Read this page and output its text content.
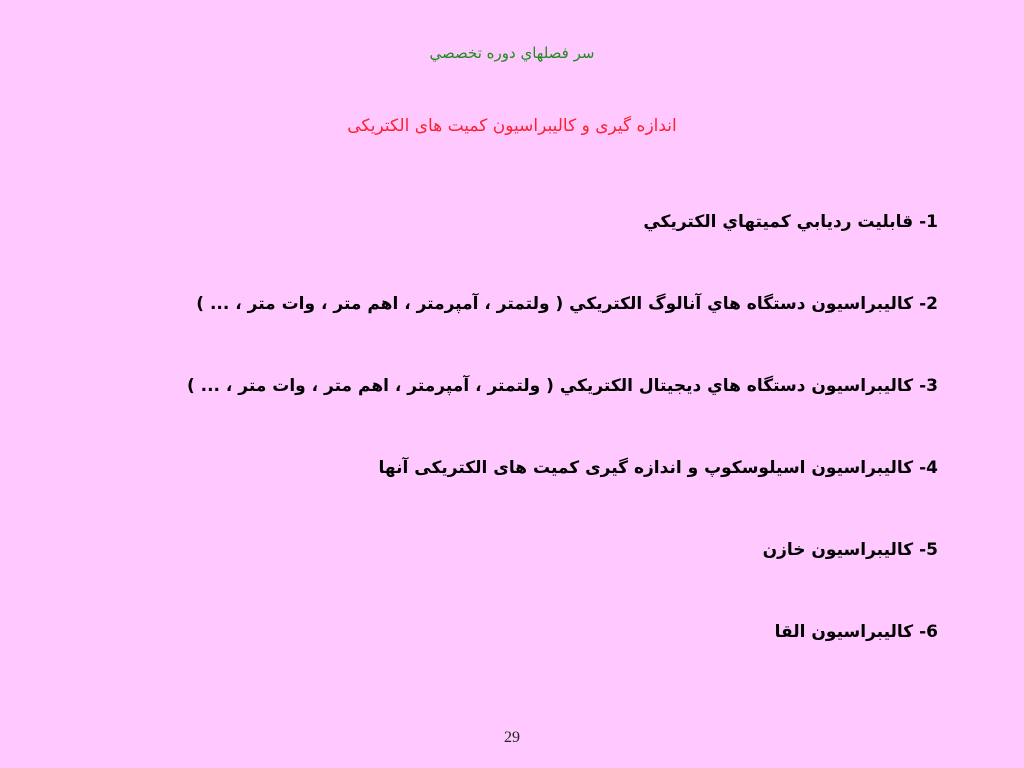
سر فصلهاي دوره تخصصي
اندازه گیری و کالیبراسیون کمیت های الکتریکی
1- قابليت ردیابي كميتهاي الكتريكي
2- كاليبراسيون دستگاه هاي آنالوگ الكتريكي ( ولتمتر ، آمپرمتر ، اهم متر ، وات متر ، ... )
3- كاليبراسيون دستگاه هاي ديجيتال الكتريكي ( ولتمتر ، آمپرمتر ، اهم متر ، وات متر ، ... )
4- کالیبراسیون اسیلوسکوپ و اندازه گیری کمیت های الکتریکی آنها
5- کالیبراسیون خازن
6- کالیبراسیون القا
29
